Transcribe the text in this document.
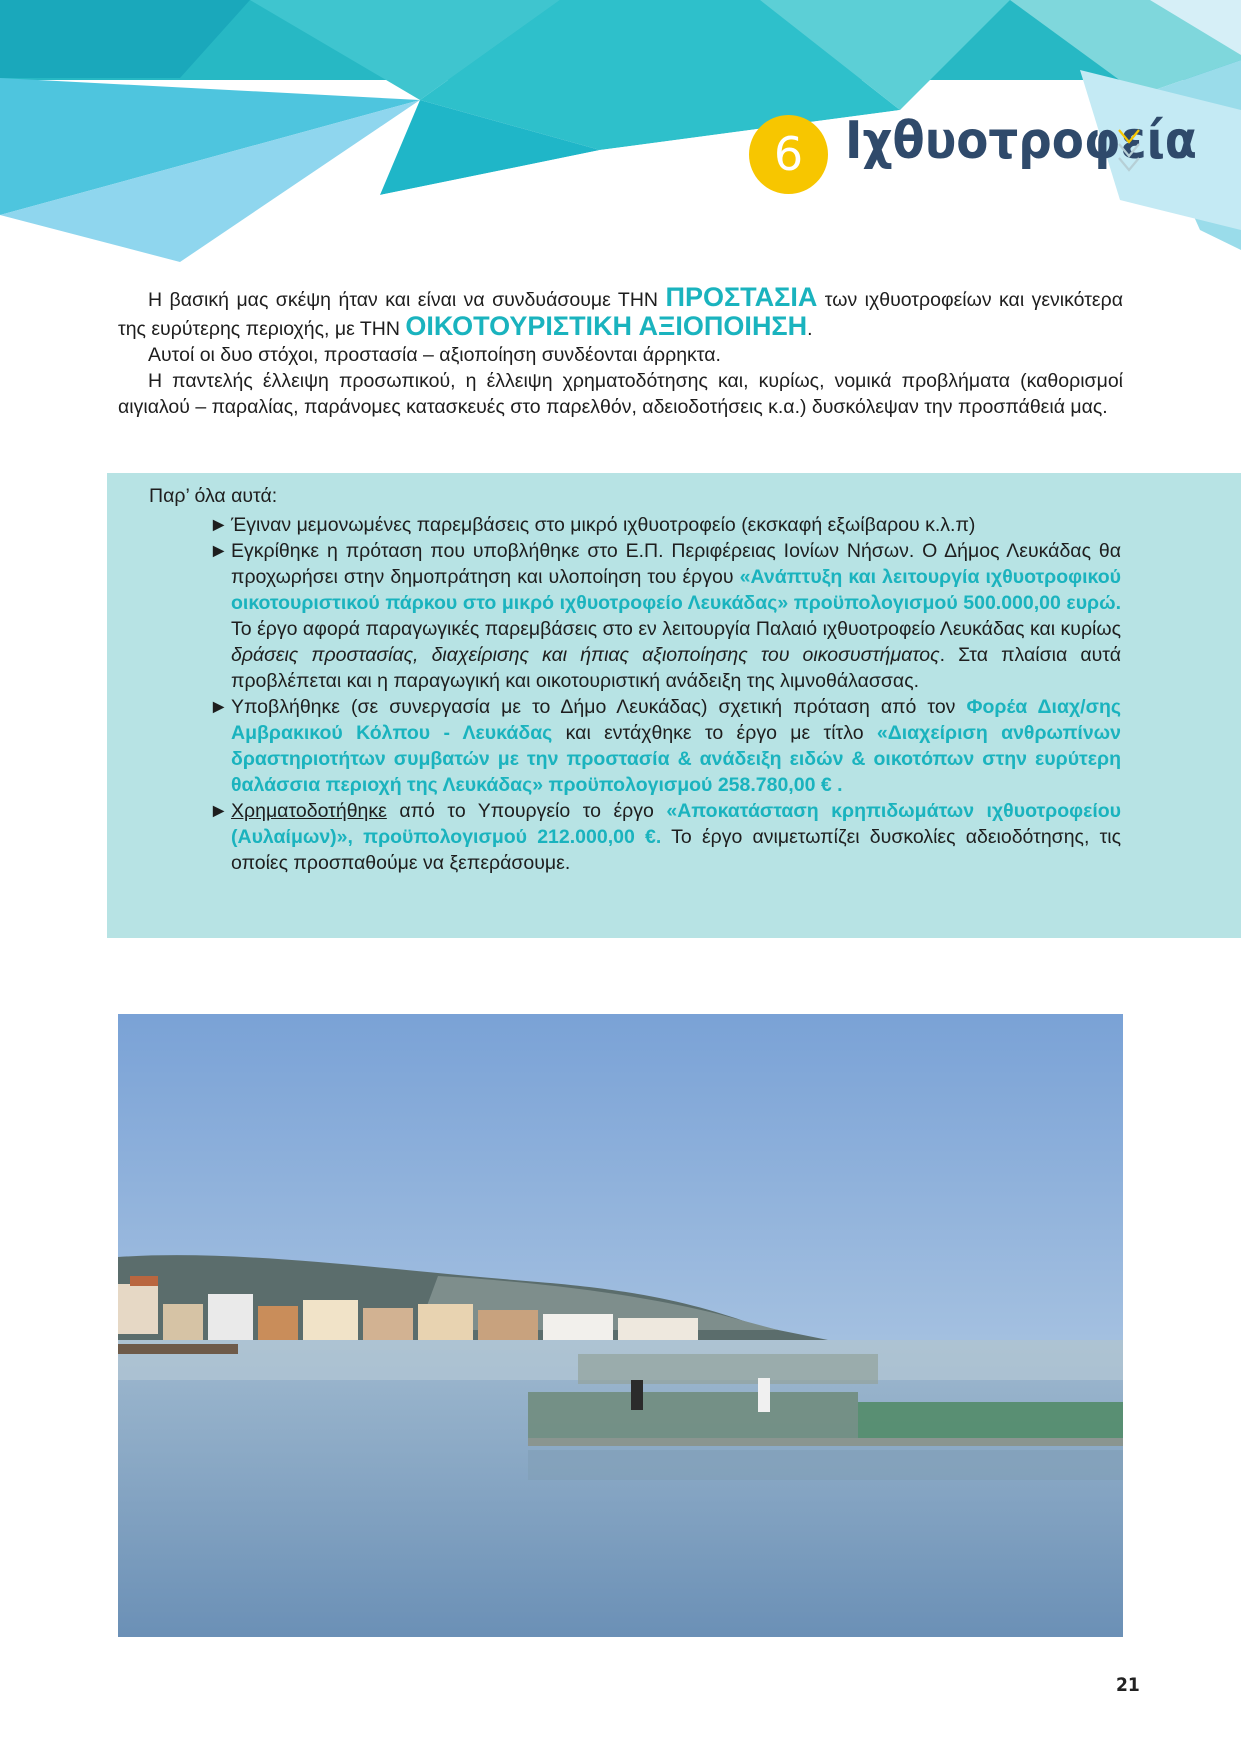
6 Ιχθυοτροφεία

Η βασική μας σκέψη ήταν και είναι να συνδυάσουμε ΤΗΝ ΠΡΟΣΤΑΣΙΑ των ιχθυοτροφείων και γενικότερα της ευρύτερης περιοχής, με ΤΗΝ ΟΙΚΟΤΟΥΡΙΣΤΙΚΗ ΑΞΙΟΠΟΙΗΣΗ.

Αυτοί οι δυο στόχοι, προστασία – αξιοποίηση συνδέονται άρρηκτα.

Η παντελής έλλειψη προσωπικού, η έλλειψη χρηματοδότησης και, κυρίως, νομικά προβλήματα (καθορισμοί αιγιαλού – παραλίας, παράνομες κατασκευές στο παρελθόν, αδειοδοτήσεις κ.α.) δυσκόλεψαν την προσπάθειά μας.

Παρ’ όλα αυτά:

► Έγιναν μεμονωμένες παρεμβάσεις στο μικρό ιχθυοτροφείο (εκσκαφή εξωίβαρου κ.λ.π)

► Εγκρίθηκε η πρόταση που υποβλήθηκε στο Ε.Π. Περιφέρειας Ιονίων Νήσων. Ο Δήμος Λευκάδας θα προχωρήσει στην δημοπράτηση και υλοποίηση του έργου «Ανάπτυξη και λειτουργία ιχθυοτροφικού οικοτουριστικού πάρκου στο μικρό ιχθυοτροφείο Λευκάδας» προϋπολογισμού 500.000,00 ευρώ. Το έργο αφορά παραγωγικές παρεμβάσεις στο εν λειτουργία Παλαιό ιχθυοτροφείο Λευκάδας και κυρίως δράσεις προστασίας, διαχείρισης και ήπιας αξιοποίησης του οικοσυστήματος. Στα πλαίσια αυτά προβλέπεται και η παραγωγική και οικοτουριστική ανάδειξη της λιμνοθάλασσας.

► Υποβλήθηκε (σε συνεργασία με το Δήμο Λευκάδας) σχετική πρόταση από τον Φορέα Διαχ/σης Αμβρακικού Κόλπου - Λευκάδας και εντάχθηκε το έργο με τίτλο «Διαχείριση ανθρωπίνων δραστηριοτήτων συμβατών με την προστασία & ανάδειξη ειδών & οικοτόπων στην ευρύτερη θαλάσσια περιοχή της Λευκάδας» προϋπολογισμού 258.780,00 € .

► Χρηματοδοτήθηκε από το Υπουργείο το έργο «Αποκατάσταση κρηπιδωμάτων ιχθυοτροφείου (Αυλαίμων)», προϋπολογισμού 212.000,00 €. Το έργο ανιμετωπίζει δυσκολίες αδειοδότησης, τις οποίες προσπαθούμε να ξεπεράσουμε.

21
